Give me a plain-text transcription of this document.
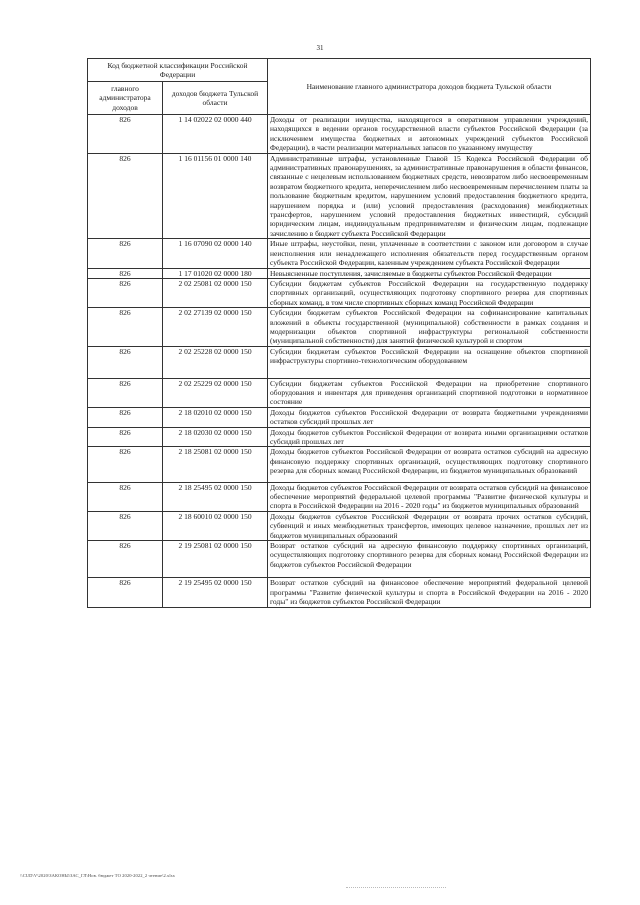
31
Код бюджетной классификации Российской Федерации		Наименование главного администратора доходов бюджета Тульской области
главного администратора доходов	доходов бюджета Тульской области	
826	1 14 02022 02 0000 440	Доходы от реализации имущества, находящегося в оперативном управлении учреждений, находящихся в ведении органов государственной власти субъектов Российской Федерации (за исключением имущества бюджетных и автономных учреждений субъектов Российской Федерации), в части реализации материальных запасов по указанному имуществу
826	1 16 01156 01 0000 140	Административные штрафы, установленные Главой 15 Кодекса Российской Федерации об административных правонарушениях, за административные правонарушения в области финансов, связанные с нецелевым использованием бюджетных средств, невозвратом либо несвоевременным возвратом бюджетного кредита, неперечислением либо несвоевременным перечислением платы за пользование бюджетным кредитом, нарушением условий предоставления бюджетного кредита, нарушением порядка и (или) условий предоставления (расходования) межбюджетных трансфертов, нарушением условий предоставления бюджетных инвестиций, субсидий юридическим лицам, индивидуальным предпринимателям и физическим лицам, подлежащие зачислению в бюджет субъекта Российской Федерации
826	1 16 07090 02 0000 140	Иные штрафы, неустойки, пени, уплаченные в соответствии с законом или договором в случае неисполнения или ненадлежащего исполнения обязательств перед государственным органом субъекта Российской Федерации, казенным учреждением субъекта Российской Федерации
826	1 17 01020 02 0000 180	Невыясненные поступления, зачисляемые в бюджеты субъектов Российской Федерации
826	2 02 25081 02 0000 150	Субсидии бюджетам субъектов Российской Федерации на государственную поддержку спортивных организаций, осуществляющих подготовку спортивного резерва для спортивных сборных команд, в том числе спортивных сборных команд Российской Федерации
826	2 02 27139 02 0000 150	Субсидии бюджетам субъектов Российской Федерации на софинансирование капитальных вложений в объекты государственной (муниципальной) собственности в рамках создания и модернизации объектов спортивной инфраструктуры региональной собственности (муниципальной собственности) для занятий физической культурой и спортом
826	2 02 25228 02 0000 150	Субсидии бюджетам субъектов Российской Федерации на оснащение объектов спортивной инфраструктуры спортивно-технологическим оборудованием
826	2 02 25229 02 0000 150	Субсидии бюджетам субъектов Российской Федерации на приобретение спортивного оборудования и инвентаря для приведения организаций спортивной подготовки в нормативное состояние
826	2 18 02010 02 0000 150	Доходы бюджетов субъектов Российской Федерации от возврата бюджетными учреждениями остатков субсидий прошлых лет
826	2 18 02030 02 0000 150	Доходы бюджетов субъектов Российской Федерации от возврата иными организациями остатков субсидий прошлых лет
826	2 18 25081 02 0000 150	Доходы бюджетов субъектов Российской Федерации от возврата остатков субсидий на адресную финансовую поддержку спортивных организаций, осуществляющих подготовку спортивного резерва для сборных команд Российской Федерации, из бюджетов муниципальных образований
826	2 18 25495 02 0000 150	Доходы бюджетов субъектов Российской Федерации от возврата остатков субсидий на финансовое обеспечение мероприятий федеральной целевой программы "Развитие физической культуры и спорта в Российской Федерации на 2016 - 2020 годы" из бюджетов муниципальных образований
826	2 18 60010 02 0000 150	Доходы бюджетов субъектов Российской Федерации от возврата прочих остатков субсидий, субвенций и иных межбюджетных трансфертов, имеющих целевое назначение, прошлых лет из бюджетов муниципальных образований
826	2 19 25081 02 0000 150	Возврат остатков субсидий на адресную финансовую поддержку спортивных организаций, осуществляющих подготовку спортивного резерва для сборных команд Российской Федерации из бюджетов субъектов Российской Федерации
826	2 19 25495 02 0000 150	Возврат остатков субсидий на финансовое обеспечение мероприятий федеральной целевой программы "Развитие физической культуры и спорта в Российской Федерации на 2016 - 2020 годы" из бюджетов субъектов Российской Федерации
\\CUD\V\2020\ЗАКОНЫ\ЗАС_ГЛ\Нов. бюджет ТО 2020-2022_2 чтение\2.xlsx
